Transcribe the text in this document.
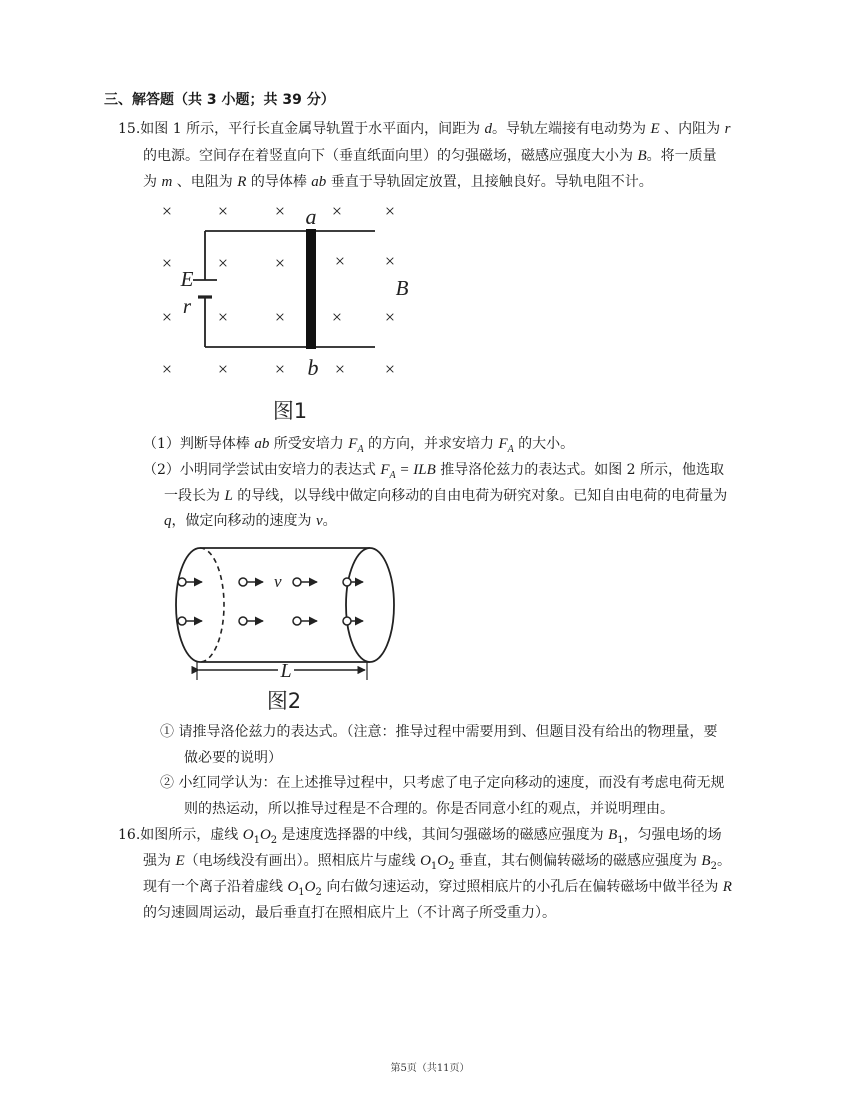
三、解答题（共 3 小题；共 39 分）
15.如图 1 所示，平行长直金属导轨置于水平面内，间距为 d。导轨左端接有电动势为 E 、内阻为 r
的电源。空间存在着竖直向下（垂直纸面向里）的匀强磁场，磁感应强度大小为 B。将一质量
为 m 、电阻为 R 的导体棒 ab 垂直于导轨固定放置，且接触良好。导轨电阻不计。
×	×	×	× ×
×	×	×	× ×
×	×	×	× ×
×	×	×	× ×
a
b
E
r
B
图1
（1）判断导体棒 ab 所受安培力 $F_A$ 的方向，并求安培力 $F_A$ 的大小。
（2）小明同学尝试由安培力的表达式 $F_A$ = ILB 推导洛伦兹力的表达式。如图 2 所示，他选取
一段长为 L 的导线，以导线中做定向移动的自由电荷为研究对象。已知自由电荷的电荷量为
q，做定向移动的速度为 v。
v
L
图2
① 请推导洛伦兹力的表达式。（注意：推导过程中需要用到、但题目没有给出的物理量，要
做必要的说明）
② 小红同学认为：在上述推导过程中，只考虑了电子定向移动的速度，而没有考虑电荷无规
则的热运动，所以推导过程是不合理的。你是否同意小红的观点，并说明理由。
16.如图所示，虚线 $O_1O_2$ 是速度选择器的中线，其间匀强磁场的磁感应强度为 $B_1$，匀强电场的场
强为 E（电场线没有画出）。照相底片与虚线 $O_1O_2$ 垂直，其右侧偏转磁场的磁感应强度为 $B_2$。
现有一个离子沿着虚线 $O_1O_2$ 向右做匀速运动，穿过照相底片的小孔后在偏转磁场中做半径为 R
的匀速圆周运动，最后垂直打在照相底片上（不计离子所受重力）。
第5页（共11页）
